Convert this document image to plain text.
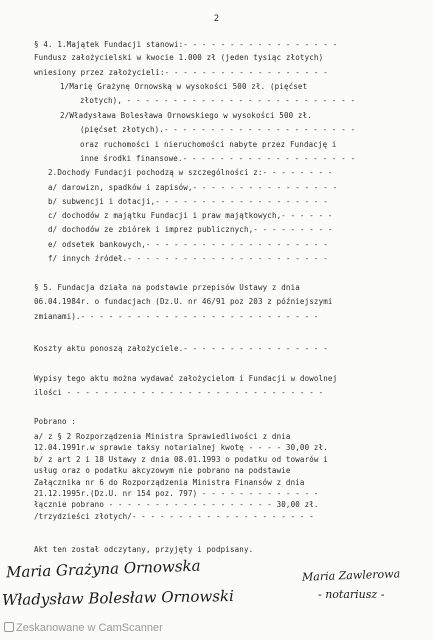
2
§ 4. 1.Majątek Fundacji stanowi:- - - - - - - - - - - - - - - - -
Fundusz założycielski w kwocie 1.000 zł (jeden tysiąc złotych)
wniesiony przez założycieli:- - - - - - - - - - - - - - - - - -
1/Marię Grażynę Ornowską w wysokości 500 zł. (pięćset
złotych), - - - - - - - - - - - - - - - - - - - - - - - - -
2/Władysława Bolesława Ornowskiego w wysokości 500 zł.
(pięćset złotych).- - - - - - - - - - - - - - - - - - - - -
oraz ruchomości i nieruchomości nabyte przez Fundację i
inne środki finansowe.- - - - - - - - - - - - - - - - - - -
2.Dochody Fundacji pochodzą w szczególności z:- - - - - - - -
a/ darowizn, spadków i zapisów,- - - - - - - - - - - - - - - -
b/ subwencji i dotacji,- - - - - - - - - - - - - - - - - - -
c/ dochodów z majątku Fundacji i praw majątkowych,- - - - - -
d/ dochodów ze zbiórek i imprez publicznych,- - - - - - - - -
e/ odsetek bankowych,- - - - - - - - - - - - - - - - - - - -
f/ innych źródeł.- - - - - - - - - - - - - - - - - - - - - -
§ 5. Fundacja działa na podstawie przepisów Ustawy z dnia
06.04.1984r. o fundacjach (Dz.U. nr 46/91 poz 203 z późniejszymi
zmianami).- - - - - - - - - - - - - - - - - - - - - - - - - -
Koszty aktu ponoszą założyciele.- - - - - - - - - - - - - - - -
Wypisy tego aktu można wydawać założycielom i Fundacji w dowolnej
ilości - - - - - - - - - - - - - - - - - - - - - - - - - - - -
Pobrano :
a/ z § 2 Rozporządzenia Ministra Sprawiedliwości z dnia
12.04.1991r.w sprawie taksy notarialnej kwotę - - - - 30,00 zł.
b/ z art 2 i 18 Ustawy z dnia 08.01.1993 o podatku od towarów i
usług oraz o podatku akcyzowym nie pobrano na podstawie
Załącznika nr 6 do Rozporządzenia Ministra Finansów z dnia
21.12.1995r.(Dz.U. nr 154 poz. 797) - - - - - - - - - - - - -
łącznie pobrano - - - - - - - - - - - - - - - - - - 30,00 zł.
/trzydzieści złotych/- - - - - - - - - - - - - - - - - - - -
Akt ten został odczytany, przyjęty i podpisany.
Maria Grażyna Ornowska
Władysław Bolesław Ornowski
Maria Zawlerowa
- notariusz -
Zeskanowane w CamScanner
